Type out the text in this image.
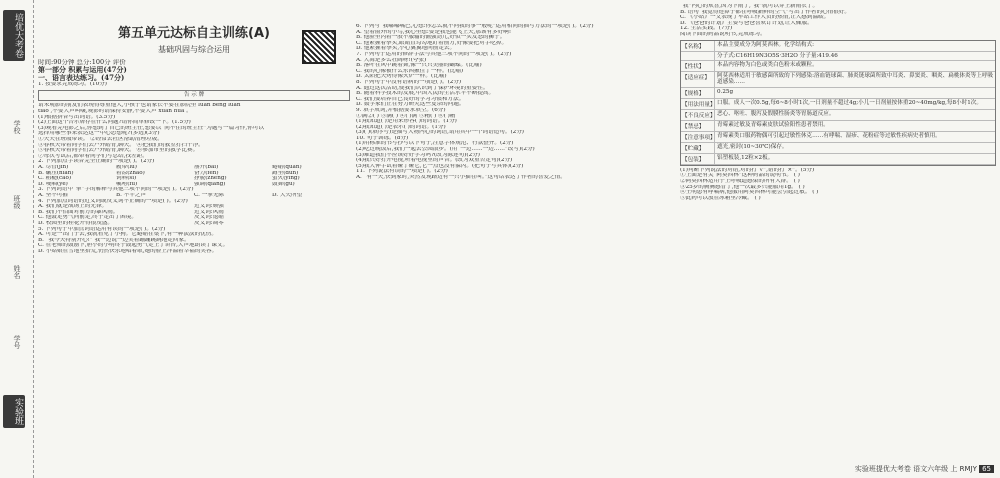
培优大考卷
实验班
学校
班级
姓名
学号
第五单元达标自主训练(A)
基础巩固与综合运用
时间:90分钟 总分:100分 评价
第一部分 积累与运用(47分)
一、语言表达练习。(47分)
1. 按要求完成练习。(10分)
告 示 牌
请未观影的朋友们表现得尊重他人,小孩子也请家长不要在影院里 luàn bèng luàn
tiào ,不要大声叫嚷,观影时请保持安静,不要大声 xuān huá 。
(1)根据拼音写出词语。(3.5分)
(2)上面这个告示牌存在什么问题?请你简单修改一下。(1.5分)
(3)观看完电影之后,你想到了自己的班主任,想要以“同不住的班主任”为题写一篇习作,你可以
选择用哪些事来表达这一中心思想呢?(多选)(3分)
①天天在班级带读。 ②经常去社区帮助清理垃圾。
③春秋天带着同学们去户外踏青,聊天。 ④把我们的教室打扫干净。
⑤春秋天带着同学们去户外踏青,聊天。 ⑥参加市里的教学比赛。
⑦每次考试后,都带着同学们写总结,找差距。
2. 下列加点字读音完全正确的一项是( )。(2分)
A. 尽管(jǐn)	履带(lǚ)	掰开(bāi)	蜷缩(quán)
B. 碾压(niǎn)	着凉(zháo)	奋力(fèn)	蹲坐(dūn)
C. 粗糙(cāo)	饲料(sì)	挣脱(zhèng)	萤火(yíng)
D. 哽咽(yè)	嘱咐(fù)	强调(qiáng)	鼓舞(gǔ)
3. 下列词语中“掣”字的解释与其他三项不同的一项是( )。(2分)
A. 坚不可摧	B. 不平之声	C. 一掣无际	D. 大失所望
4. 下列加点词语的近义词或反义词不正确的一项是( )。(2分)
A. 我们就是战场上的先锋。	近义词:顽强
B. 我们不怕面对前方的暴风雨。	近义词:风雨
C. 他鼓足勇气向前走,终于走出了困境。	反义词:退缩
D. 校园里的桂花开得很茂盛。	反义词:凋零
5. 下列句子中加点词语运用有误的一项是( )。(2分)
A. 可是一出门子去,我就看见了小狗。它蜷缩在桌下,有一种淡淡的忧伤。
B. “我今天特别开心!” 我一边说一边笑着蹦蹦跳跳地走回家。
C. 在老师的鼓励下,胆小的小明终于鼓起勇气走上了讲台,大声地朗读了课文。
D. 小姑娘在雪地里拾荒,仍然快乐地唱着歌,她的脸上洋溢着幸福的笑容。
6. 下列与“我嘟嘟嘴巴,心想:你怎么就不问我的事一般呢”运用相同的描写方法的一项是( )。(2分)
A. 望着窗外的小鸟,我心里想:要是我也能飞上天,那该有多好啊!
B. 他脸里闪着一股不服输的倔强劲儿,好似一头发怒的狮子。
C. 他紧握着拳头,眼睛直勾勾地盯着前方,好像要把对手吃掉。
D. 他紧握着拳头,小心翼翼地向前走去。
7. 下列句子运用的修辞手法与其他三项不同的一项是( )。(2分)
A. 大海是多么壮阔呀!(夸张)
B. 落叶在风中跳着舞,像一只只美丽的蝴蝶。(比喻)
C. 我的心像被什么东西揪住了一样。(比喻)
D. 太阳把天烤得像火炉一样。(比喻)
8. 下列句子中没有语病的一项是( )。(2分)
A. 通过这次活动,使我们认识到了保护环境的重要性。
B. 随着科学技术的发展,中国人民的生活水平不断提高。
C. 我们要培养自己良好的学习习惯和方法。
D. 数学家们正在努力研究这些复杂的问题。
9. 填字成词,并根据要求填空。(6分)
①满②( ) ③满( ) ④( )满 ⑤精( ) ⑥( )精
(1)我知道( )是用来形容( )的词语。(1分)
(2)我知道( )是表示( )的词语。(1分)
(3)( )(填序号)是描写人物内心的词语,请用其中一个词语造句。(2分)
10. 句子训练。(8分)
(1)用标准的书写抄写以下句子,注意字体规范、行款整齐。(2分)
(2)吃过晚饭后,我们一起去公园散步。(用“一边……一边……”改写)(2分)
(3)难道我们不应该好好学习吗?(改为陈述句)(2分)
(4)我只好打开电视,听着电视里的声音。(改为双重否定句)(2分)
(5)我大伸手试着碰了碰它,它一点也没有躲闪。(把句子写具体)(2分)
11. 下列说法有误的一项是( )。(2分)
A. “有一天,快到家时,突然发现路边有一只小猫在叫。”这句话表达了作者的喜爱之情。
“我”内心的欢喜,因为下雨了,“我”就可以穿上新雨衣了。
B. 语句“我觉得连鼻子都在呼吸新鲜的空气”写出了作者的心情很好。
C. 《小站》一文表现了车站工作人员的热情,让人感到温暖。
D. 《爸爸的计划》主要写爸爸喜欢订计划,让人佩服。
12. 生活实践。(7分)
阅读下面的药品说明书,完成练习。
【名称】	本品主要成分为阿莫西林。化学结构式:
分子式:C16H19N3O5S·3H2O 分子量:419.46
【性状】	本品内容物为白色或类白色粉末或颗粒。
【适应症】	阿莫西林适用于敏感菌所致的下列感染:溶血链球菌、肺炎链球菌所致中耳炎、鼻窦炎、咽炎、扁桃体炎等上呼吸道感染……
【规格】	0.25g
【用法用量】 口服。成人一次0.5g,每6~8小时1次,一日剂量不超过4g;小儿一日剂量按体重20~40mg/kg,每8小时1次。
【不良反应】 恶心、呕吐、腹泻及假膜性肠炎等胃肠道反应。
【禁忌】	青霉素过敏及青霉素皮肤试验阳性患者禁用。
【注意事项】 青霉素类口服药物偶可引起过敏性休克……有哮喘、湿疹、花粉症等过敏性疾病史者慎用。
【贮藏】	遮光,密封(10~30℃)保存。
【包装】	铝塑板装,12粒×2板。
(1)判断下列说法的对错,对的打“√”,错的打“×”。(5分)
①上面是有关“阿莫西林”这种药品的说明书。 ( )
②阿莫西林适用于上呼吸道感染的所有人群。 ( )
③25岁的腾腾感冒了,他一次最多只能服用1g。 ( )
④王明患有哮喘病,他服用阿莫西林可能会引起过敏。 ( )
⑤此药可以放在冰箱里冷藏。 ( )
实验班提优大考卷 语文六年级 上 RMJY 65
